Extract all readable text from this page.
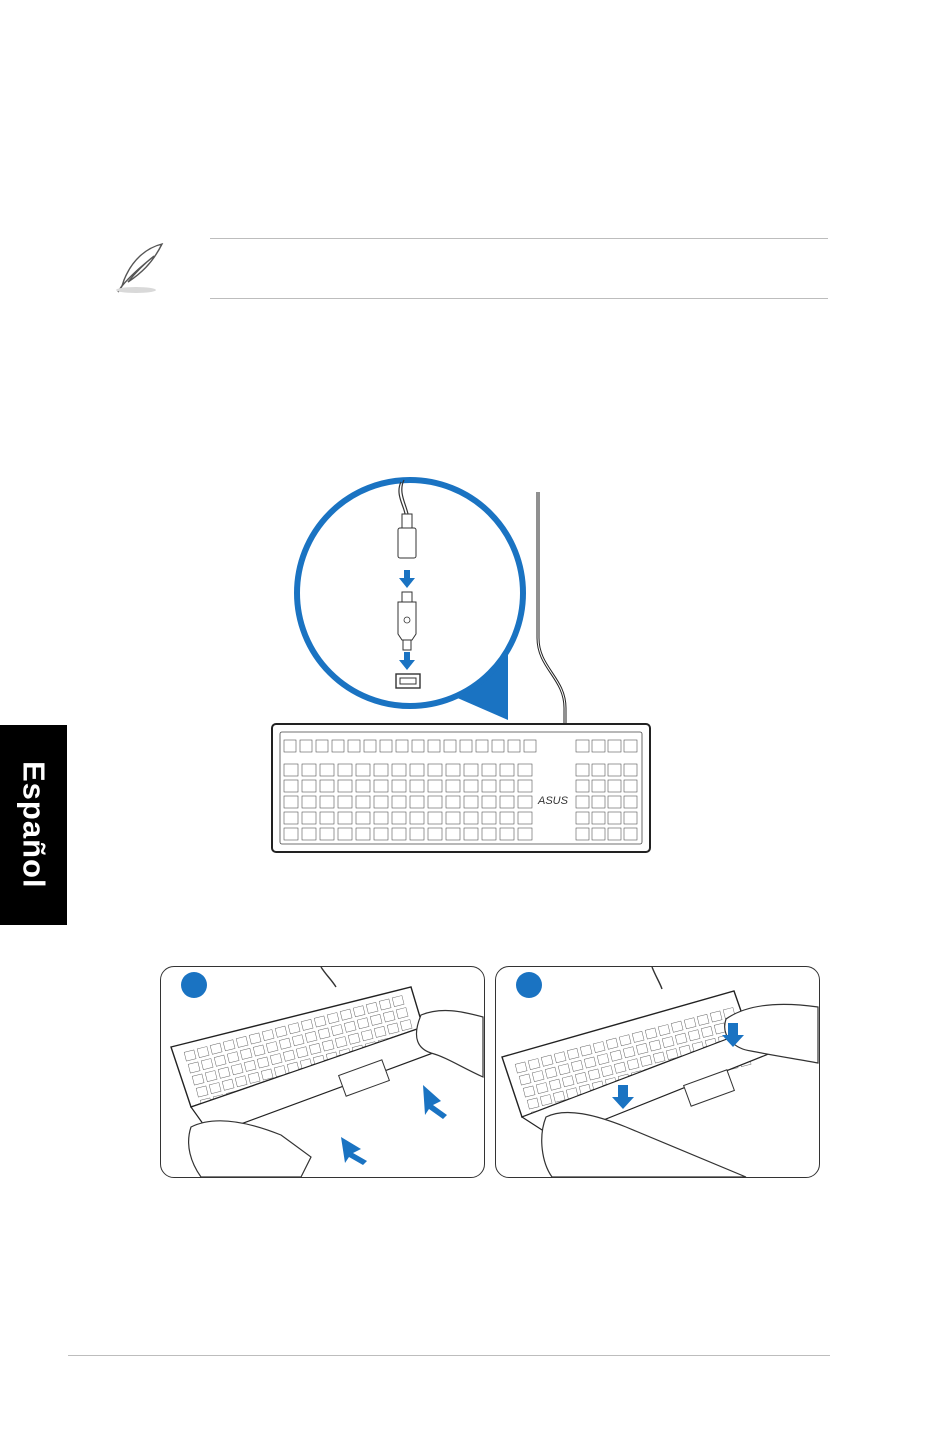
Español	ASUS
